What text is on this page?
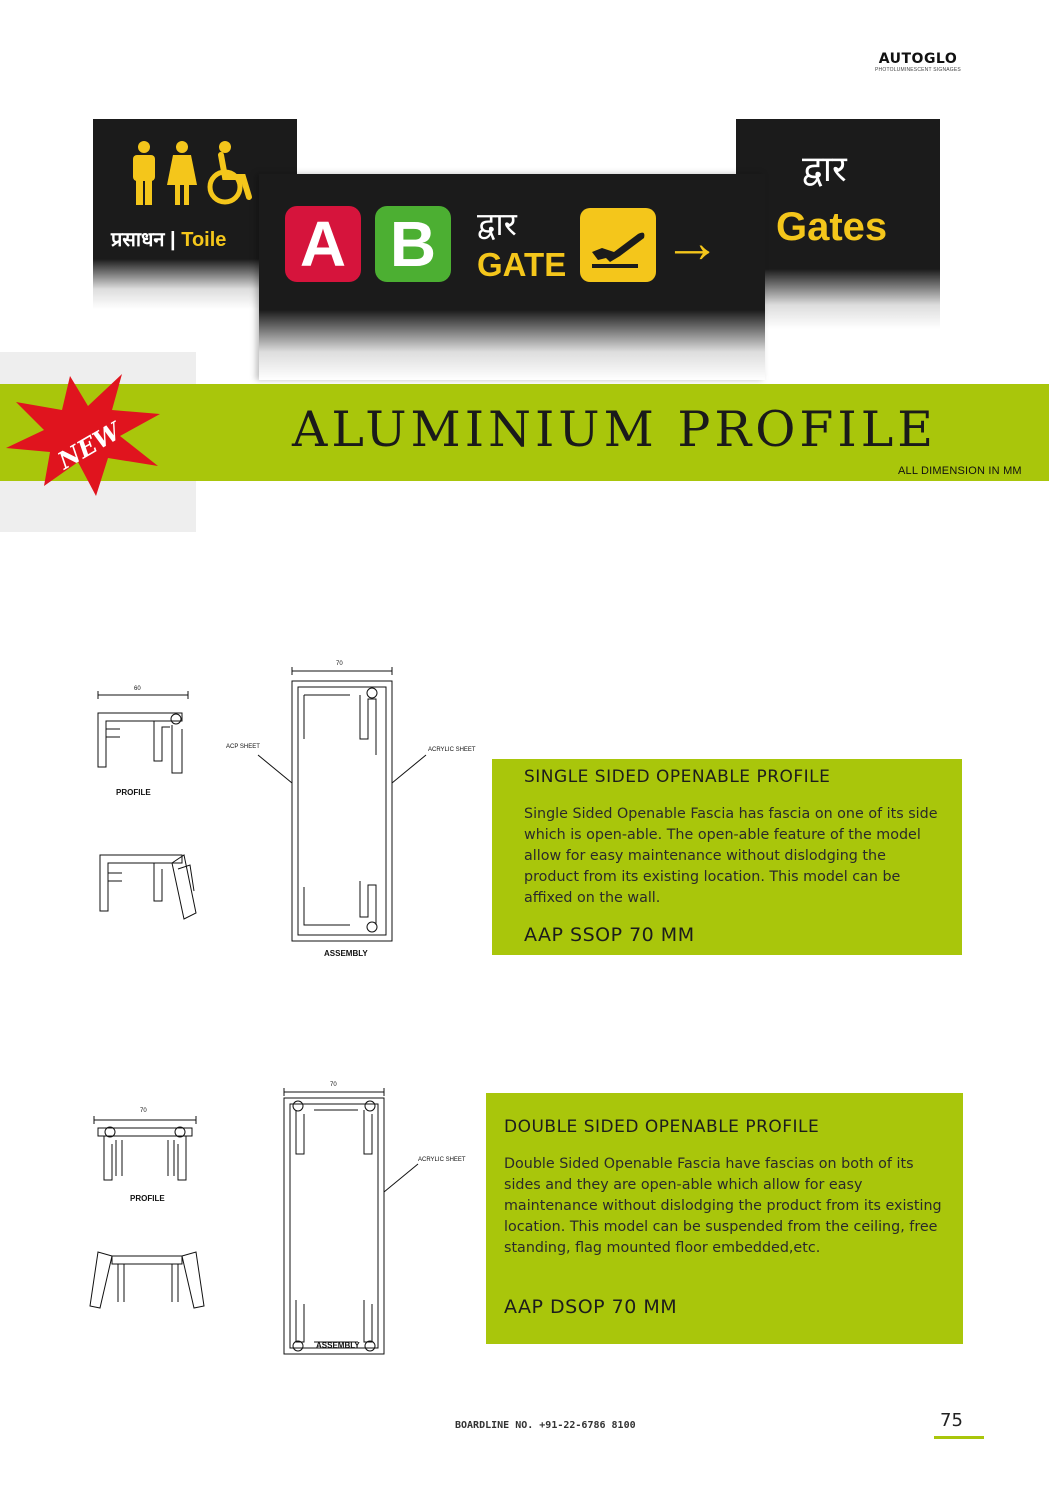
AUTOGLO
PHOTOLUMINESCENT SIGNAGES
प्रसाधन | Toile
द्वार
Gates
A B	द्वार
GATE →
NEW	ALUMINIUM PROFILE
ALL DIMENSION IN MM
60
70
PROFILE
ASSEMBLY
ACP SHEET	ACRYLIC SHEET
SINGLE SIDED OPENABLE PROFILE
Single Sided Openable Fascia has fascia on one of its side which is open-able. The open-able feature of the model allow for easy maintenance without dislodging the product from its existing location. This model can be affixed on the wall.
AAP SSOP 70 MM
70
70
PROFILE
ASSEMBLY
ACRYLIC SHEET
DOUBLE SIDED OPENABLE PROFILE
Double Sided Openable Fascia have fascias on both of its sides and they are open-able which allow for easy maintenance without dislodging the product from its existing location. This model can be suspended from the ceiling, free standing, flag mounted floor embedded,etc.
AAP DSOP 70 MM
BOARDLINE NO. +91-22-6786 8100	75
